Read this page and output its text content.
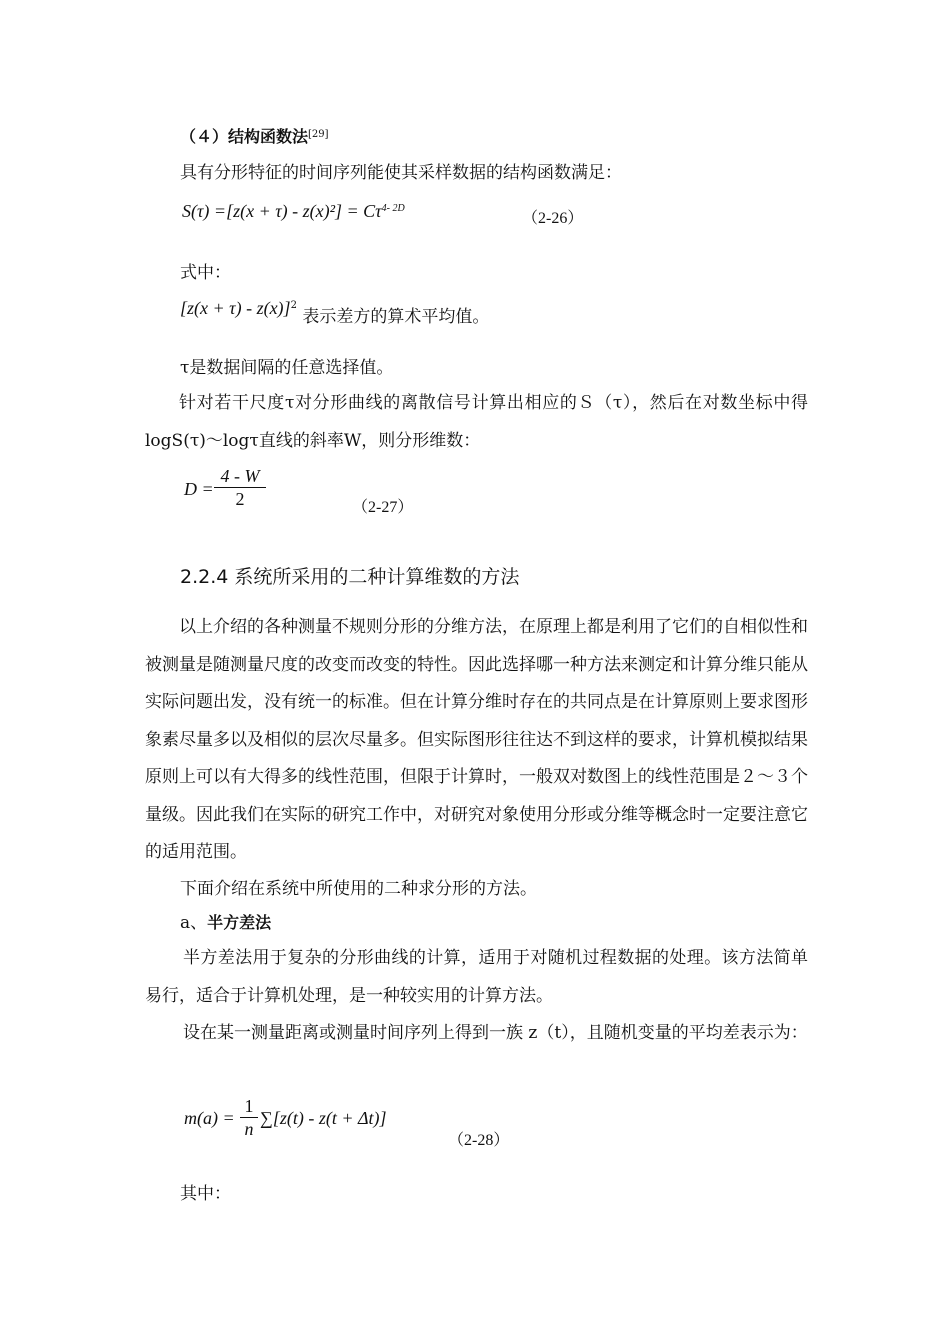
（４）结构函数法[29]
具有分形特征的时间序列能使其采样数据的结构函数满足：
$S(\tau) =[z(x + \tau) - z(x)^2] = C\tau^{4- 2D}$
（2-26）
式中：
$[z(x + \tau) - z(x)]^2$ 表示差方的算术平均值。
τ是数据间隔的任意选择值。
针对若干尺度τ对分形曲线的离散信号计算出相应的Ｓ（τ），然后在对数坐标中得 logS(τ)～logτ直线的斜率W，则分形维数：
$D = \frac{4 - W}{2}$	（2-27）
2.2.4 系统所采用的二种计算维数的方法
以上介绍的各种测量不规则分形的分维方法，在原理上都是利用了它们的自相似性和被测量是随测量尺度的改变而改变的特性。因此选择哪一种方法来测定和计算分维只能从实际问题出发，没有统一的标准。但在计算分维时存在的共同点是在计算原则上要求图形象素尽量多以及相似的层次尽量多。但实际图形往往达不到这样的要求，计算机模拟结果原则上可以有大得多的线性范围，但限于计算时，一般双对数图上的线性范围是２～３个量级。因此我们在实际的研究工作中，对研究对象使用分形或分维等概念时一定要注意它的适用范围。
下面介绍在系统中所使用的二种求分形的方法。
a、半方差法
半方差法用于复杂的分形曲线的计算，适用于对随机过程数据的处理。该方法简单易行，适合于计算机处理，是一种较实用的计算方法。
设在某一测量距离或测量时间序列上得到一族 z（t），且随机变量的平均差表示为：
$m(a) = \frac{1}{n} \sum[z(t) - z(t + \Delta t)]$
（2-28）
其中：
